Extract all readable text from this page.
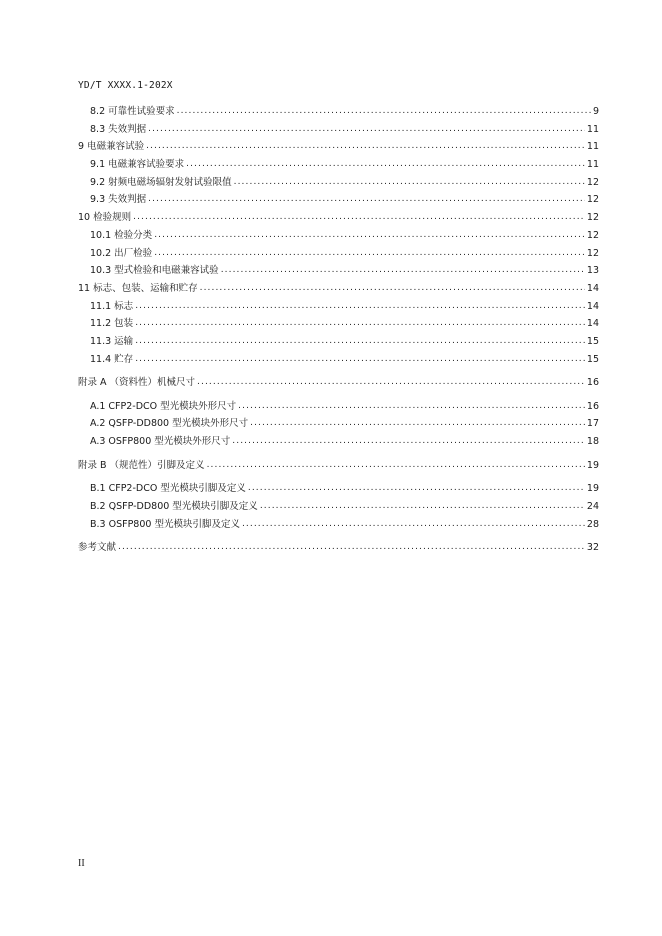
YD/T XXXX.1-202X
8.2 可靠性试验要求 .....	9
8.3 失效判据 .....	11
9 电磁兼容试验 .....	11
9.1 电磁兼容试验要求 .....	11
9.2 射频电磁场辐射发射试验限值 .....	12
9.3 失效判据 .....	12
10 检验规则 .....	12
10.1 检验分类 .....	12
10.2 出厂检验 .....	12
10.3 型式检验和电磁兼容试验 .....	13
11 标志、包装、运输和贮存 .....	14
11.1 标志 .....	14
11.2 包装 .....	14
11.3 运输 .....	15
11.4 贮存 .....	15
附录 A （资料性）机械尺寸 .....	16
A.1 CFP2-DCO 型光模块外形尺寸 .....	16
A.2 QSFP-DD800 型光模块外形尺寸 .....	17
A.3 OSFP800 型光模块外形尺寸 .....	18
附录 B （规范性）引脚及定义 .....	19
B.1 CFP2-DCO 型光模块引脚及定义 .....	19
B.2 QSFP-DD800 型光模块引脚及定义 .....	24
B.3 OSFP800 型光模块引脚及定义 .....	28
参考文献 .....	32
II
